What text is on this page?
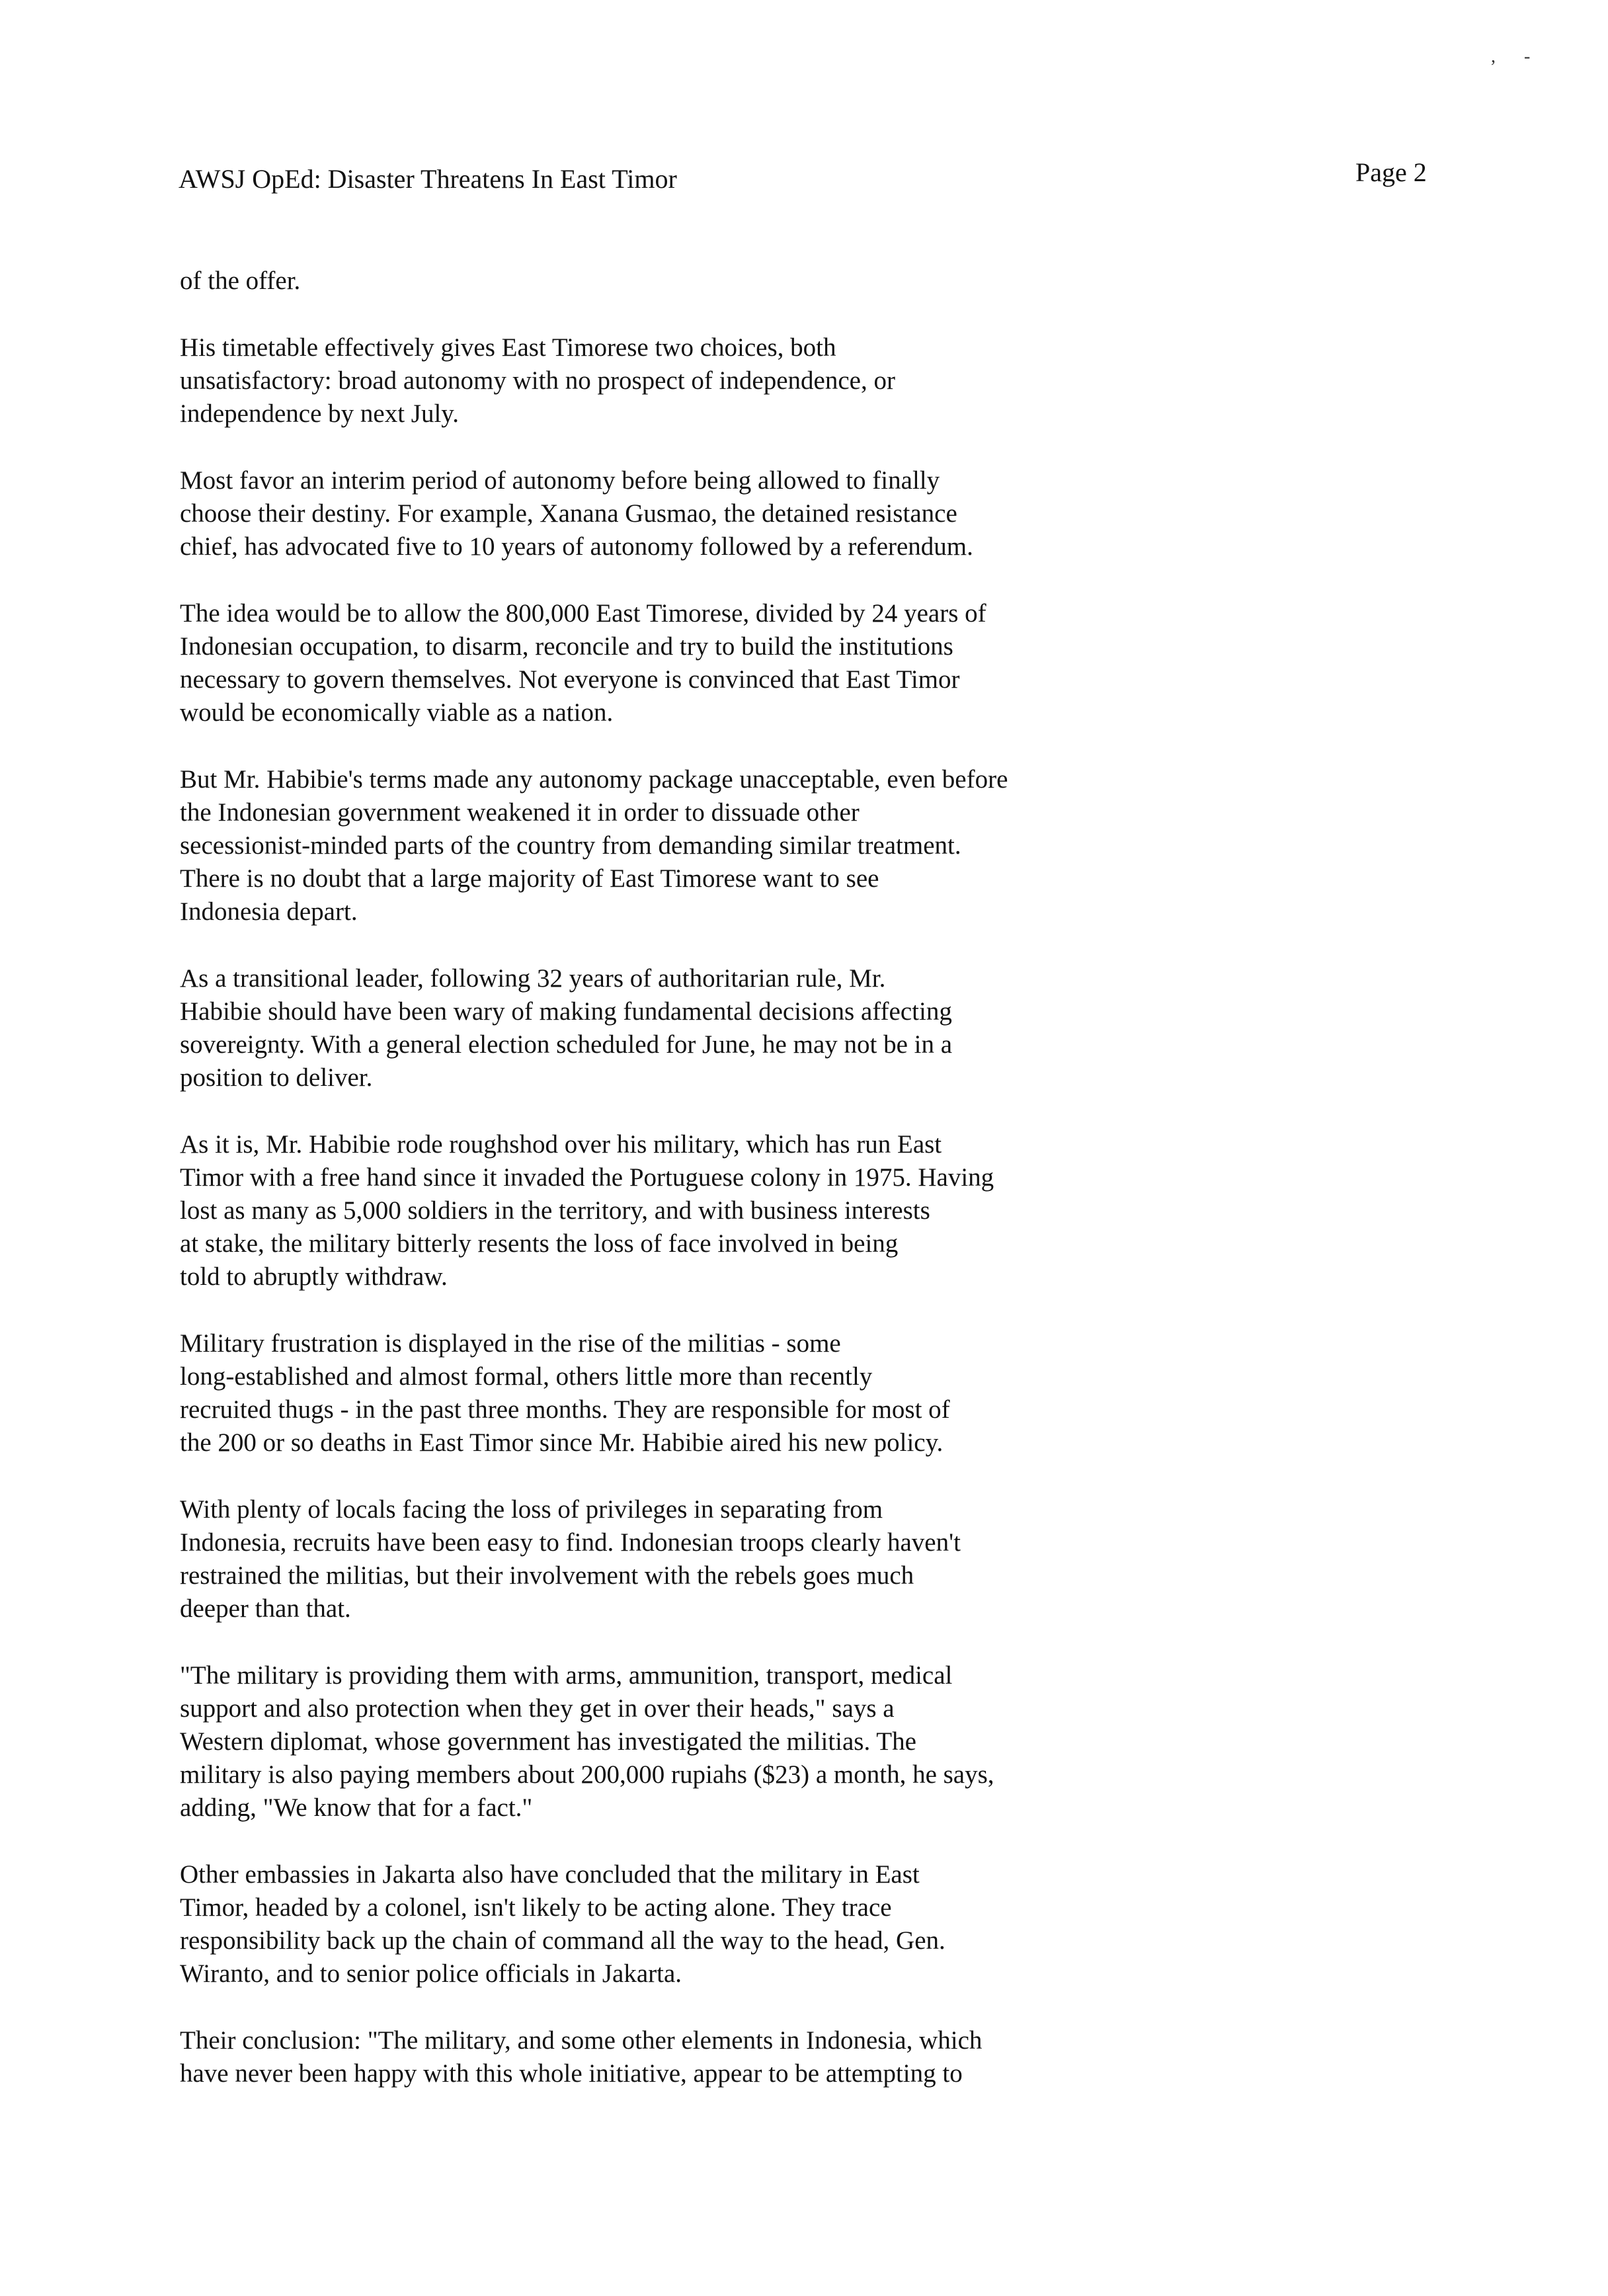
, -
AWSJ OpEd: Disaster Threatens In East Timor	Page 2

of the offer.

His timetable effectively gives East Timorese two choices, both
unsatisfactory: broad autonomy with no prospect of independence, or
independence by next July.

Most favor an interim period of autonomy before being allowed to finally
choose their destiny. For example, Xanana Gusmao, the detained resistance
chief, has advocated five to 10 years of autonomy followed by a referendum.

The idea would be to allow the 800,000 East Timorese, divided by 24 years of
Indonesian occupation, to disarm, reconcile and try to build the institutions
necessary to govern themselves. Not everyone is convinced that East Timor
would be economically viable as a nation.

But Mr. Habibie's terms made any autonomy package unacceptable, even before
the Indonesian government weakened it in order to dissuade other
secessionist-minded parts of the country from demanding similar treatment.
There is no doubt that a large majority of East Timorese want to see
Indonesia depart.

As a transitional leader, following 32 years of authoritarian rule, Mr.
Habibie should have been wary of making fundamental decisions affecting
sovereignty. With a general election scheduled for June, he may not be in a
position to deliver.

As it is, Mr. Habibie rode roughshod over his military, which has run East
Timor with a free hand since it invaded the Portuguese colony in 1975. Having
lost as many as 5,000 soldiers in the territory, and with business interests
at stake, the military bitterly resents the loss of face involved in being
told to abruptly withdraw.

Military frustration is displayed in the rise of the militias - some
long-established and almost formal, others little more than recently
recruited thugs - in the past three months. They are responsible for most of
the 200 or so deaths in East Timor since Mr. Habibie aired his new policy.

With plenty of locals facing the loss of privileges in separating from
Indonesia, recruits have been easy to find. Indonesian troops clearly haven't
restrained the militias, but their involvement with the rebels goes much
deeper than that.

"The military is providing them with arms, ammunition, transport, medical
support and also protection when they get in over their heads," says a
Western diplomat, whose government has investigated the militias. The
military is also paying members about 200,000 rupiahs ($23) a month, he says,
adding, "We know that for a fact."

Other embassies in Jakarta also have concluded that the military in East
Timor, headed by a colonel, isn't likely to be acting alone. They trace
responsibility back up the chain of command all the way to the head, Gen.
Wiranto, and to senior police officials in Jakarta.

Their conclusion: "The military, and some other elements in Indonesia, which
have never been happy with this whole initiative, appear to be attempting to
